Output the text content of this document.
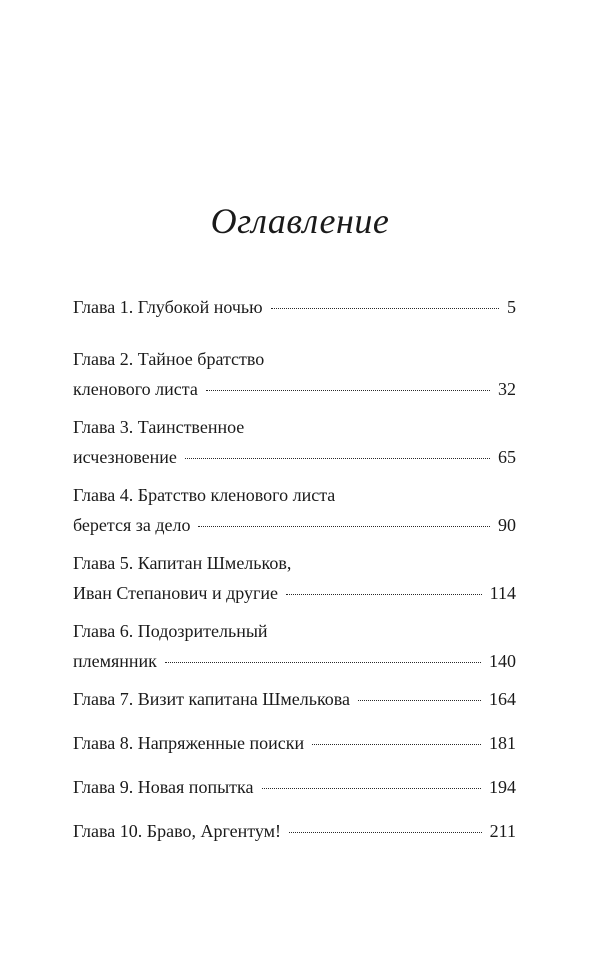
Оглавление
Глава 1. Глубокой ночью	5
Глава 2. Тайное братство
кленового листа	32
Глава 3. Таинственное
исчезновение	65
Глава 4. Братство кленового листа
берется за дело	90
Глава 5. Капитан Шмельков,
Иван Степанович и другие	114
Глава 6. Подозрительный
племянник	140
Глава 7. Визит капитана Шмелькова	164
Глава 8. Напряженные поиски	181
Глава 9. Новая попытка	194
Глава 10. Браво, Аргентум!	211
